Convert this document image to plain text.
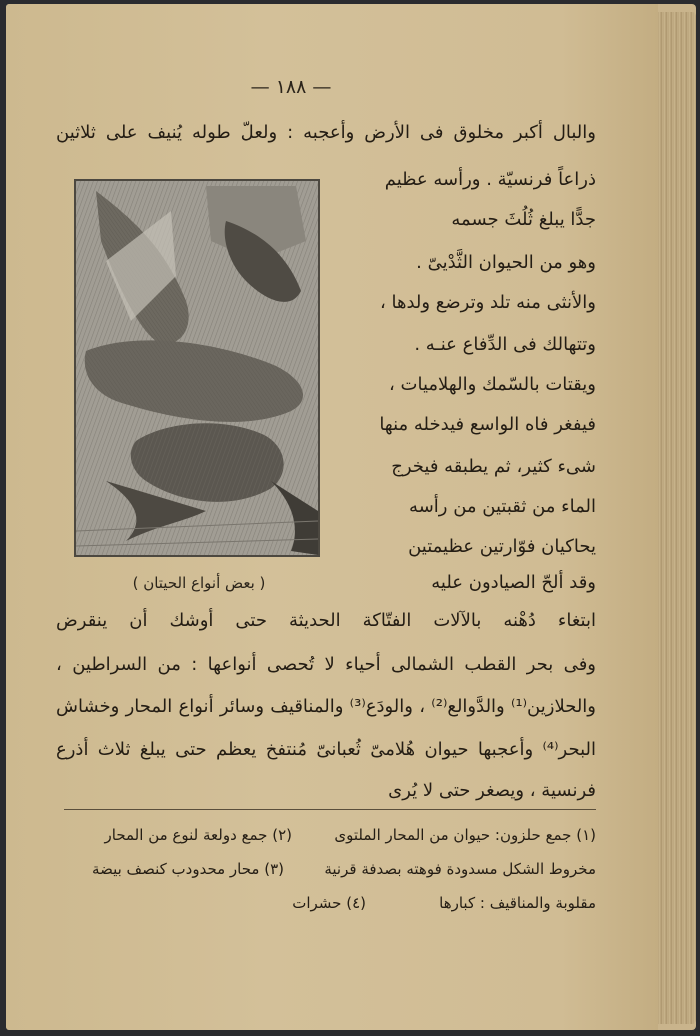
— ١٨٨ —
والبال أكبر مخلوق فى الأرض وأعجبه : ولعلّ طوله يُنيف على ثلاثين
ذراعاً فرنسيّة . ورأسه عظيم
جدًّا يبلغ ثُلُثَ جسمه
وهو من الحيوان الثَّدْيىّ .
والأنثى منه تلد وترضع ولدها ،
وتتهالك فى الدِّفاع عنـه .
ويقتات بالسّمك والهلاميات ،
فيفغر فاه الواسع فيدخله منها
شىء كثير، ثم يطبقه فيخرج
الماء من ثقبتين من رأسه
يحاكيان فوّارتين عظيمتين
( بعض أنواع الحيتان )	وقد ألحّ الصيادون عليه
ابتغاء دُهْنه بالآلات الفتّاكة الحديثة حتى أوشك أن ينقرض
وفى بحر القطب الشمالى أحياء لا تُحصى أنواعها : من السراطين ،
والحلازين⁽¹⁾ والدَّوالع⁽²⁾ ، والودَع⁽³⁾ والمناقيف وسائر أنواع المحار وخشاش
البحر⁽⁴⁾ وأعجبها حيوان هُلامىّ ثُعبانىّ مُنتفخ يعظم حتى يبلغ ثلاث أذرع
فرنسية ، ويصغر حتى لا يُرى
(١) جمع حلزون: حيوان من المحار الملتوى
(٢) جمع دولعة لنوع من المحار
مخروط الشكل مسدودة فوهته بصدفة قرنية
(٣) محار محدودب كنصف بيضة
مقلوبة والمناقيف : كبارها
(٤) حشرات
